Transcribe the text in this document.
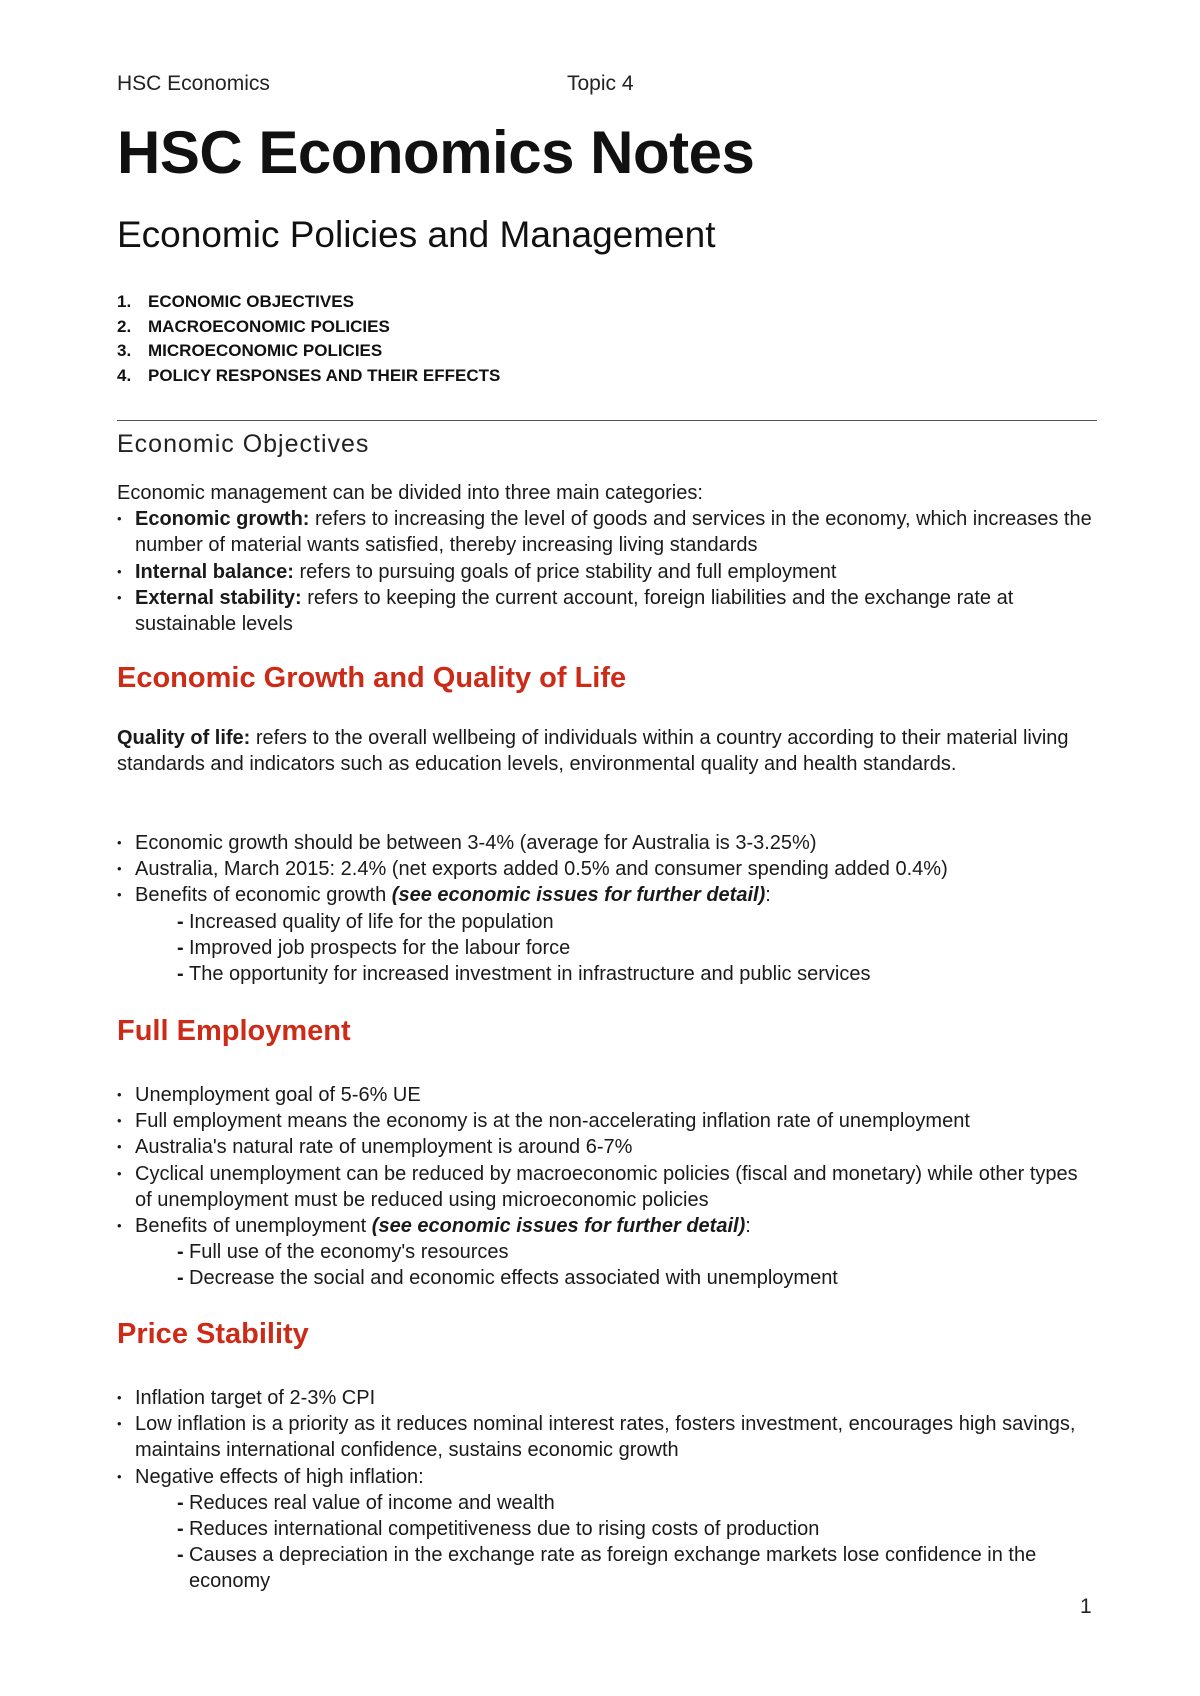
HSC Economics	Topic 4
HSC Economics Notes
Economic Policies and Management
1. ECONOMIC OBJECTIVES
2. MACROECONOMIC POLICIES
3. MICROECONOMIC POLICIES
4. POLICY RESPONSES AND THEIR EFFECTS
Economic Objectives

Economic management can be divided into three main categories:

• Economic growth: refers to increasing the level of goods and services in the economy, which increases the number of material wants satisfied, thereby increasing living standards
• Internal balance: refers to pursuing goals of price stability and full employment
• External stability: refers to keeping the current account, foreign liabilities and the exchange rate at sustainable levels
Economic Growth and Quality of Life

Quality of life: refers to the overall wellbeing of individuals within a country according to their material living standards and indicators such as education levels, environmental quality and health standards.

• Economic growth should be between 3-4% (average for Australia is 3-3.25%)
• Australia, March 2015: 2.4% (net exports added 0.5% and consumer spending added 0.4%)
• Benefits of economic growth (see economic issues for further detail):
- Increased quality of life for the population
- Improved job prospects for the labour force
- The opportunity for increased investment in infrastructure and public services
Full Employment
• Unemployment goal of 5-6% UE
• Full employment means the economy is at the non-accelerating inflation rate of unemployment
• Australia's natural rate of unemployment is around 6-7%
• Cyclical unemployment can be reduced by macroeconomic policies (fiscal and monetary) while other types of unemployment must be reduced using microeconomic policies
• Benefits of unemployment (see economic issues for further detail):
- Full use of the economy's resources
- Decrease the social and economic effects associated with unemployment
Price Stability
• Inflation target of 2-3% CPI
• Low inflation is a priority as it reduces nominal interest rates, fosters investment, encourages high savings, maintains international confidence, sustains economic growth
• Negative effects of high inflation:
- Reduces real value of income and wealth
- Reduces international competitiveness due to rising costs of production
- Causes a depreciation in the exchange rate as foreign exchange markets lose confidence in the economy
1
